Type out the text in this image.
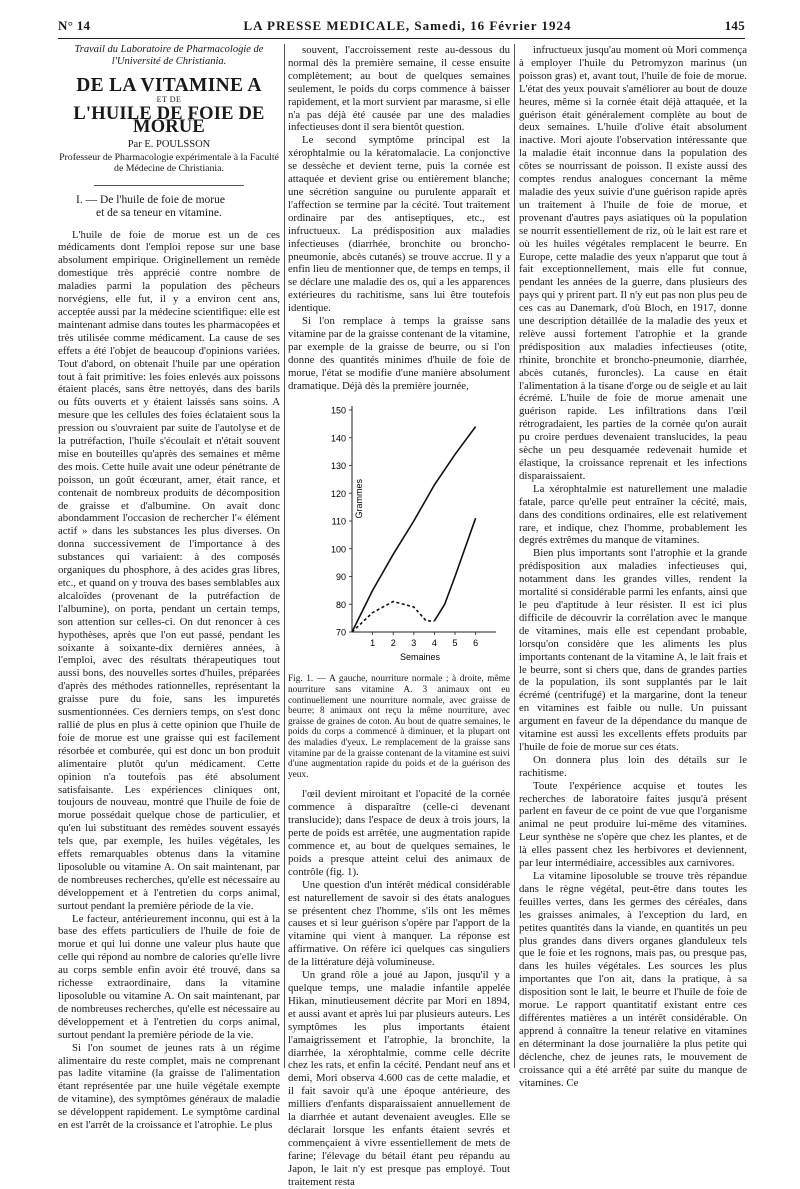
N° 14	LA PRESSE MEDICALE, Samedi, 16 Février 1924	145
Travail du Laboratoire de Pharmacologie de l'Université de Christiania.
DE LA VITAMINE A
ET DE
L'HUILE DE FOIE DE MORUE
Par E. POULSSON
Professeur de Pharmacologie expérimentale à la Faculté de Médecine de Christiania.
I. — De l'huile de foie de morue
et de sa teneur en vitamine.

L'huile de foie de morue est un de ces médicaments dont l'emploi repose sur une base absolument empirique. Originellement un remède domestique très apprécié contre nombre de maladies parmi la population des pêcheurs norvégiens, elle fut, il y a environ cent ans, acceptée aussi par la médecine scientifique: elle est maintenant admise dans toutes les pharmacopées et très utilisée comme médicament. La cause de ses effets a été l'objet de beaucoup d'opinions variées. Tout d'abord, on obtenait l'huile par une opération tout à fait primitive: les foies enlevés aux poissons étaient placés, sans être nettoyés, dans des barils ou fûts ouverts et y étaient laissés sans soins. A mesure que les cellules des foies éclataient sous la pression ou s'ouvraient par suite de l'autolyse et de la putréfaction, l'huile s'écoulait et n'était souvent mise en bouteilles qu'après des semaines et même des mois. Cette huile avait une odeur pénétrante de poisson, un goût écœurant, amer, était rance, et contenait de nombreux produits de décomposition de graisse et d'albumine. On avait donc abondamment l'occasion de rechercher l'« élément actif » dans les substances les plus diverses. On donna successivement de l'importance à des substances qui variaient: à des composés organiques du phosphore, à des acides gras libres, etc., et quand on y trouva des bases semblables aux alcaloïdes (provenant de la putréfaction de l'albumine), on porta, pendant un certain temps, son attention sur celles-ci. On dut renoncer à ces hypothèses, après que l'on eut passé, pendant les soixante à soixante-dix dernières années, à l'emploi, avec des résultats thérapeutiques tout aussi bons, des nouvelles sortes d'huiles, préparées d'après des méthodes rationnelles, représentant la graisse pure du foie, sans les impuretés susmentionnées. Ces derniers temps, on s'est donc rallié de plus en plus à cette opinion que l'huile de foie de morue est une graisse qui est facilement résorbée et comburée, qui est donc un bon produit alimentaire plutôt qu'un médicament. Cette opinion n'a toutefois pas été absolument satisfaisante. Les expériences cliniques ont, toujours de nouveau, montré que l'huile de foie de morue possédait quelque chose de particulier, et qu'en lui substituant des remèdes souvent essayés tels que, par exemple, les huiles végétales, les effets remarquables obtenus dans la vitamine liposoluble ou vitamine A. On sait maintenant, par de nombreuses recherches, qu'elle est nécessaire au développement et à l'entretien du corps animal, surtout pendant la première période de la vie.

Le facteur, antérieurement inconnu, qui est à la base des effets particuliers de l'huile de foie de morue et qui lui donne une valeur plus haute que celle qui répond au nombre de calories qu'elle livre au corps semble enfin avoir été trouvé, dans sa richesse extraordinaire, dans la vitamine liposoluble ou vitamine A. On sait maintenant, par de nombreuses recherches, qu'elle est nécessaire au développement et à l'entretien du corps animal, surtout pendant la première période de la vie.

Si l'on soumet de jeunes rats à un régime alimentaire du reste complet, mais ne comprenant pas ladite vitamine (la graisse de l'alimentation étant représentée par une huile végétale exempte de vitamine), des symptômes généraux de maladie se développent rapidement. Le symptôme cardinal en est l'arrêt de la croissance et l'atrophie. Le plus

souvent, l'accroissement reste au-dessous du normal dès la première semaine, il cesse ensuite complètement; au bout de quelques semaines seulement, le poids du corps commence à baisser rapidement, et la mort survient par marasme, si elle n'a pas déjà été causée par une des maladies infectieuses dont il sera bientôt question.

Le second symptôme principal est la xérophtalmie ou la kératomalacie. La conjonctive se dessèche et devient terne, puis la cornée est attaquée et devient grise ou entièrement blanche; une sécrétion sanguine ou purulente apparaît et l'affection se termine par la cécité. Tout traitement ordinaire par des antiseptiques, etc., est infructueux. La prédisposition aux maladies infectieuses (diarrhée, bronchite ou broncho-pneumonie, abcès cutanés) se trouve accrue. Il y a enfin lieu de mentionner que, de temps en temps, il se déclare une maladie des os, qui a les apparences extérieures du rachitisme, sans lui être toutefois identique.

Si l'on remplace à temps la graisse sans vitamine par de la graisse contenant de la vitamine, par exemple de la graisse de beurre, ou si l'on donne des quantités minimes d'huile de foie de morue, l'état se modifie d'une manière absolument dramatique. Déjà dès la première journée,

70
80
90
100
110
120
130
140
150
1 2 3 4 5 6
Grammes
Semaines

Fig. 1. — A gauche, nourriture normale ; à droite, même nourriture sans vitamine A. 3 animaux ont eu continuellement une nourriture normale, avec graisse de beurre; 8 animaux ont reçu la même nourriture, avec graisse de graines de coton. Au bout de quatre semaines, le poids du corps a commencé à diminuer, et la plupart ont des maladies d'yeux. Le remplacement de la graisse sans vitamine par de la graisse contenant de la vitamine est suivi d'une augmentation rapide du poids et de la guérison des yeux.

l'œil devient miroitant et l'opacité de la cornée commence à disparaître (celle-ci devenant translucide); dans l'espace de deux à trois jours, la perte de poids est arrêtée, une augmentation rapide commence et, au bout de quelques semaines, le poids a presque atteint celui des animaux de contrôle (fig. 1).

Une question d'un intérêt médical considérable est naturellement de savoir si des états analogues se présentent chez l'homme, s'ils ont les mêmes causes et si leur guérison s'opère par l'apport de la vitamine qui vient à manquer. La réponse est affirmative. On réfère ici quelques cas singuliers de la littérature déjà volumineuse.

Un grand rôle a joué au Japon, jusqu'il y a quelque temps, une maladie infantile appelée Hikan, minutieusement décrite par Mori en 1894, et aussi avant et après lui par plusieurs auteurs. Les symptômes les plus importants étaient l'amaigrissement et l'atrophie, la bronchite, la diarrhée, la xérophtalmie, comme celle décrite chez les rats, et enfin la cécité. Pendant neuf ans et demi, Mori observa 4.600 cas de cette maladie, et il fait savoir qu'à une époque antérieure, des milliers d'enfants disparaissaient annuellement de la diarrhée et autant devenaient aveugles. Elle se déclarait lorsque les enfants étaient sevrés et commençaient à vivre essentiellement de mets de farine; l'élevage du bétail étant peu répandu au Japon, le lait n'y est presque pas employé. Tout traitement resta

infructueux jusqu'au moment où Mori commença à employer l'huile du Petromyzon marinus (un poisson gras) et, avant tout, l'huile de foie de morue. L'état des yeux pouvait s'améliorer au bout de douze heures, même si la cornée était déjà attaquée, et la guérison était généralement complète au bout de deux semaines. L'huile d'olive était absolument inactive. Mori ajoute l'observation intéressante que la maladie était inconnue dans la population des côtes se nourrissant de poisson. Il existe aussi des comptes rendus analogues concernant la même maladie des yeux suivie d'une guérison rapide après un traitement à l'huile de foie de morue, et provenant d'autres pays asiatiques où la population se nourrit essentiellement de riz, où le lait est rare et où les huiles végétales remplacent le beurre. En Europe, cette maladie des yeux n'apparut que tout à fait exceptionnellement, mais elle fut connue, pendant les années de la guerre, dans plusieurs des pays qui y prirent part. Il n'y eut pas non plus peu de ces cas au Danemark, d'où Bloch, en 1917, donne une description détaillée de la maladie des yeux et relève aussi fortement l'atrophie et la grande prédisposition aux maladies infectieuses (otite, rhinite, bronchite et broncho-pneumonie, diarrhée, abcès cutanés, furoncles). La cause en était l'alimentation à la tisane d'orge ou de seigle et au lait écrémé. L'huile de foie de morue amenait une guérison rapide. Les infiltrations dans l'œil rétrogradaient, les parties de la cornée qu'on aurait pu croire perdues devenaient translucides, la peau sèche un peu desquamée redevenait humide et élastique, la croissance reprenait et les infections disparaissaient.

La xérophtalmie est naturellement une maladie fatale, parce qu'elle peut entraîner la cécité, mais, dans des conditions ordinaires, elle est relativement rare, et indique, chez l'homme, probablement les degrés extrêmes du manque de vitamines.

Bien plus importants sont l'atrophie et la grande prédisposition aux maladies infectieuses qui, notamment dans les grandes villes, rendent la mortalité si considérable parmi les enfants, ainsi que le peu d'aptitude à leur résister. Il est ici plus difficile de découvrir la corrélation avec le manque de vitamines, mais elle est cependant probable, lorsqu'on considère que les aliments les plus importants contenant de la vitamine A, le lait frais et le beurre, sont si chers que, dans de grandes parties de la population, ils sont supplantés par le lait écrémé (centrifugé) et la margarine, dont la teneur en vitamines est faible ou nulle. Un puissant argument en faveur de la dépendance du manque de vitamine est aussi les excellents effets produits par l'huile de foie de morue sur ces états.

On donnera plus loin des détails sur le rachitisme.

Toute l'expérience acquise et toutes les recherches de laboratoire faites jusqu'à présent parlent en faveur de ce point de vue que l'organisme animal ne peut produire lui-même des vitamines. Leur synthèse ne s'opère que chez les plantes, et de là elles passent chez les herbivores et deviennent, par leur intermédiaire, accessibles aux carnivores.

La vitamine liposoluble se trouve très répandue dans le règne végétal, peut-être dans toutes les feuilles vertes, dans les germes des céréales, dans les graisses animales, à l'exception du lard, en petites quantités dans la viande, en quantités un peu plus grandes dans divers organes glanduleux tels que le foie et les rognons, mais pas, ou presque pas, dans les huiles végétales. Les sources les plus importantes que l'on ait, dans la pratique, à sa disposition sont le lait, le beurre et l'huile de foie de morue. Le rapport quantitatif existant entre ces différentes matières a un intérêt considérable. On apprend à connaître la teneur relative en vitamines en déterminant la dose journalière la plus petite qui déclenche, chez de jeunes rats, le mouvement de croissance qui a été arrêté par suite du manque de vitamines. Ce
